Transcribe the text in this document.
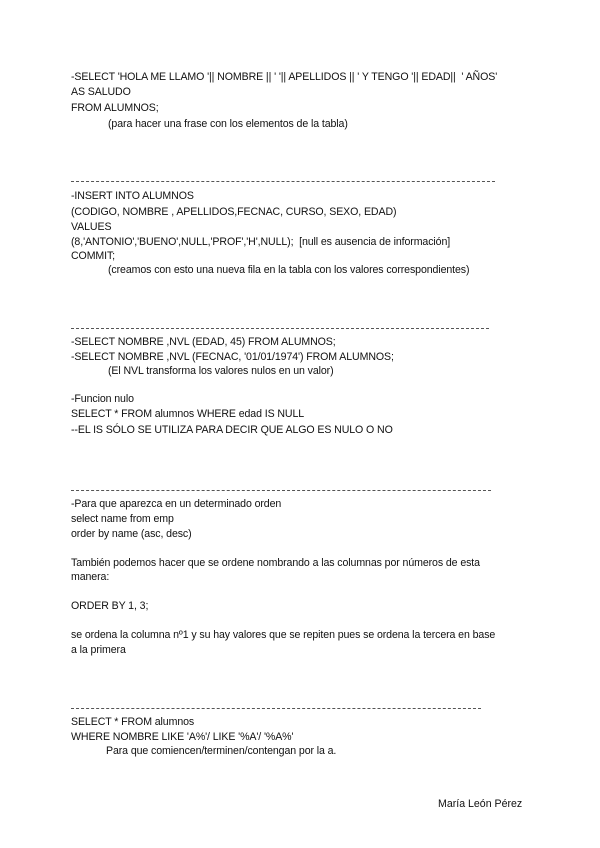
-SELECT 'HOLA ME LLAMO '|| NOMBRE || ' '|| APELLIDOS || ' Y TENGO '|| EDAD||  ' AÑOS'
AS SALUDO
FROM ALUMNOS;
(para hacer una frase con los elementos de la tabla)
-INSERT INTO ALUMNOS
(CODIGO, NOMBRE , APELLIDOS,FECNAC, CURSO, SEXO, EDAD)
VALUES
(8,'ANTONIO','BUENO',NULL,'PROF','H',NULL);  [null es ausencia de información]
COMMIT;
(creamos con esto una nueva fila en la tabla con los valores correspondientes)
-SELECT NOMBRE ,NVL (EDAD, 45) FROM ALUMNOS;
-SELECT NOMBRE ,NVL (FECNAC, '01/01/1974') FROM ALUMNOS;
(El NVL transforma los valores nulos en un valor)
-Funcion nulo
SELECT * FROM alumnos WHERE edad IS NULL
--EL IS SÓLO SE UTILIZA PARA DECIR QUE ALGO ES NULO O NO
-Para que aparezca en un determinado orden
select name from emp
order by name (asc, desc)
También podemos hacer que se ordene nombrando a las columnas por números de esta
manera:
ORDER BY 1, 3;
se ordena la columna nº1 y su hay valores que se repiten pues se ordena la tercera en base
a la primera
SELECT * FROM alumnos
WHERE NOMBRE LIKE 'A%'/ LIKE '%A'/ '%A%'
Para que comiencen/terminen/contengan por la a.
María León Pérez
